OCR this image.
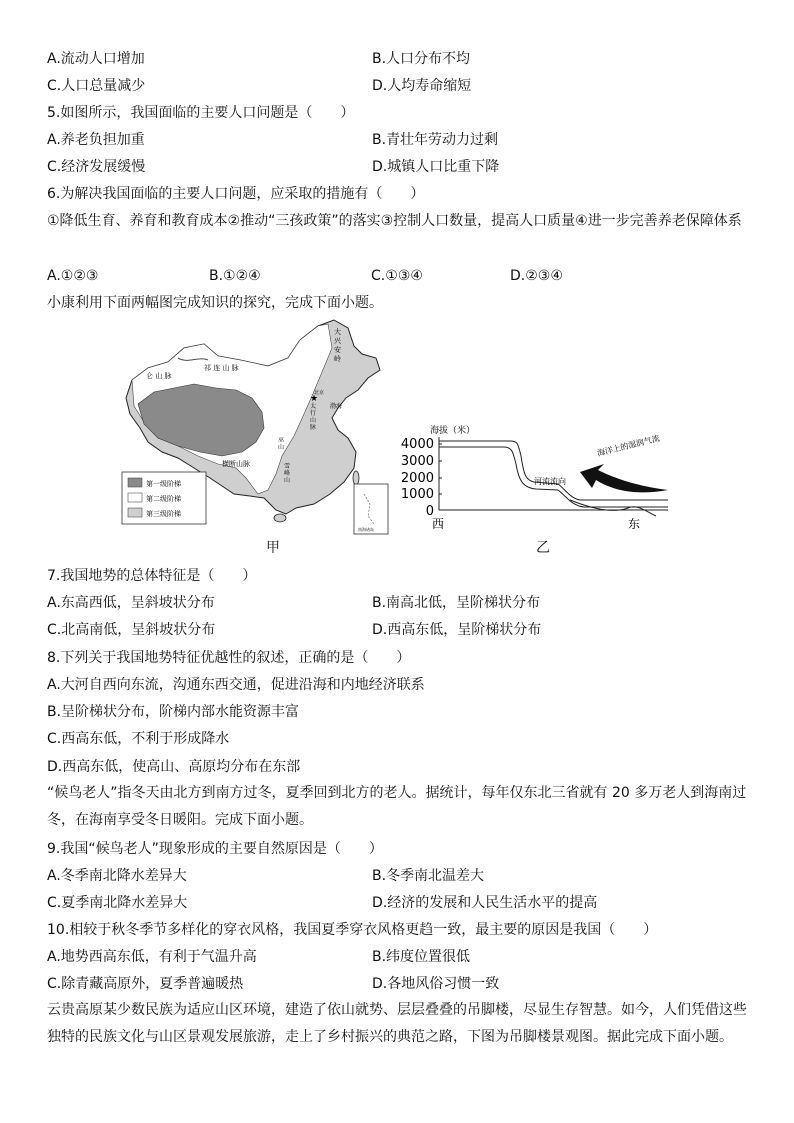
A.流动人口增加	B.人口分布不均
C.人口总量减少	D.人均寿命缩短
5.如图所示，我国面临的主要人口问题是（　　）
A.养老负担加重	B.青壮年劳动力过剩
C.经济发展缓慢	D.城镇人口比重下降
6.为解决我国面临的主要人口问题，应采取的措施有（　　）
①降低生育、养育和教育成本②推动“三孩政策”的落实③控制人口数量，提高人口质量④进一步完善养老保障体系
A.①②③	B.①②④	C.①③④	D.②③④
小康利用下面两幅图完成知识的探究，完成下面小题。
★
祁 连 山 脉
仑 山 脉
横断山脉
北京
渤海
大
兴
安
岭
太
行
山
脉
巫
山
雪
峰
山
第一级阶梯
第二级阶梯
第三级阶梯
南海诸岛
甲
海拔（米）
4000
3000
2000
1000
0
河流流向
海洋上的湿润气流
西	东
乙
7.我国地势的总体特征是（　　）
A.东高西低，呈斜坡状分布	B.南高北低，呈阶梯状分布
C.北高南低，呈斜坡状分布	D.西高东低，呈阶梯状分布
8.下列关于我国地势特征优越性的叙述，正确的是（　　）
A.大河自西向东流，沟通东西交通，促进沿海和内地经济联系
B.呈阶梯状分布，阶梯内部水能资源丰富
C.西高东低，不利于形成降水
D.西高东低，使高山、高原均分布在东部
“候鸟老人”指冬天由北方到南方过冬，夏季回到北方的老人。据统计，每年仅东北三省就有 20 多万老人到海南过冬，在海南享受冬日暖阳。完成下面小题。
9.我国“候鸟老人”现象形成的主要自然原因是（　　）
A.冬季南北降水差异大	B.冬季南北温差大
C.夏季南北降水差异大	D.经济的发展和人民生活水平的提高
10.相较于秋冬季节多样化的穿衣风格，我国夏季穿衣风格更趋一致，最主要的原因是我国（　　）
A.地势西高东低，有利于气温升高	B.纬度位置很低
C.除青藏高原外，夏季普遍暖热	D.各地风俗习惯一致
云贵高原某少数民族为适应山区环境，建造了依山就势、层层叠叠的吊脚楼，尽显生存智慧。如今，人们凭借这些独特的民族文化与山区景观发展旅游，走上了乡村振兴的典范之路，下图为吊脚楼景观图。据此完成下面小题。
